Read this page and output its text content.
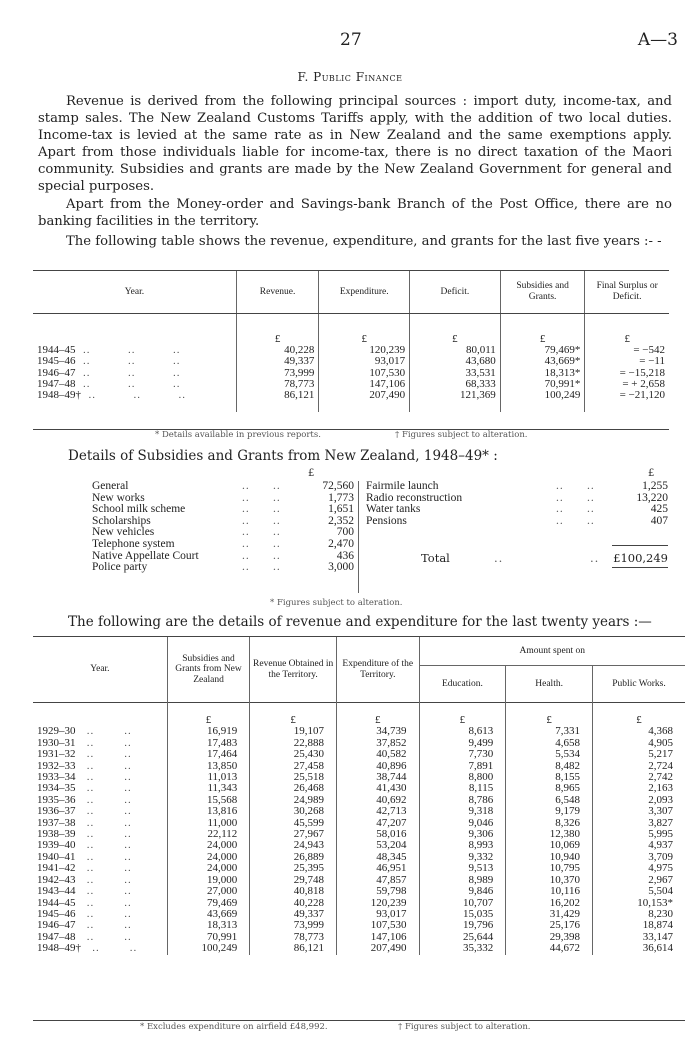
27	A—3
F. Public Finance

Revenue is derived from the following principal sources : import duty, income-tax, and stamp sales. The New Zealand Customs Tariffs apply, with the addition of two local duties. Income-tax is levied at the same rate as in New Zealand and the same exemptions apply. Apart from those individuals liable for income-tax, there is no direct taxation of the Maori community. Subsidies and grants are made by the New Zealand Government for general and special purposes.

Apart from the Money-order and Savings-bank Branch of the Post Office, there are no banking facilities in the territory.

The following table shows the revenue, expenditure, and grants for the last five years :- -

Year.	Revenue.	Expenditure.	Deficit.	Subsidies and Grants.	Final Surplus or Deficit.

	£	£	£	£	£
1944–45  ..          ..          ..	40,228	120,239	80,011	79,469*	= −542
1945–46  ..          ..          ..	49,337	93,017	43,680	43,669*	= −11
1946–47  ..          ..          ..	73,999	107,530	33,531	18,313*	= −15,218
1947–48  ..          ..          ..	78,773	147,106	68,333	70,991*	= + 2,658
1948–49†  ..          ..          ..	86,121	207,490	121,369	100,249	= −21,120

* Details available in previous reports.	† Figures subject to alteration.
Details of Subsidies and Grants from New Zealand, 1948–49* :
£	£
General	..      ..	72,560
New works	..      ..	1,773
School milk scheme	..      ..	1,651
Scholarships	..      ..	2,352
New vehicles	..      ..	700
Telephone system	..      ..	2,470
Native Appellate Court	..      ..	436
Police party	..      ..	3,000
Fairmile launch	..      ..	1,255
Radio reconstruction	..      ..	13,220
Water tanks	..      ..	425
Pensions	..      ..	407
Total	..	.. £100,249
* Figures subject to alteration.
The following are the details of revenue and expenditure for the last twenty years :—
Year.	Subsidies and Grants from New Zealand	Revenue Obtained in the Territory.	Expenditure of the Territory.	Amount spent on		
				Education.	Health.	Public Works.

	£	£	£	£	£	£
1929–30   ..        ..	16,919	19,107	34,739	8,613	7,331	4,368
1930–31   ..        ..	17,483	22,888	37,852	9,499	4,658	4,905
1931–32   ..        ..	17,464	25,430	40,582	7,730	5,534	5,217
1932–33   ..        ..	13,850	27,458	40,896	7,891	8,482	2,724
1933–34   ..        ..	11,013	25,518	38,744	8,800	8,155	2,742
1934–35   ..        ..	11,343	26,468	41,430	8,115	8,965	2,163
1935–36   ..        ..	15,568	24,989	40,692	8,786	6,548	2,093
1936–37   ..        ..	13,816	30,268	42,713	9,318	9,179	3,307
1937–38   ..        ..	11,000	45,599	47,207	9,046	8,326	3,827
1938–39   ..        ..	22,112	27,967	58,016	9,306	12,380	5,995
1939–40   ..        ..	24,000	24,943	53,204	8,993	10,069	4,937
1940–41   ..        ..	24,000	26,889	48,345	9,332	10,940	3,709
1941–42   ..        ..	24,000	25,395	46,951	9,513	10,795	4,975
1942–43   ..        ..	19,000	29,748	47,857	8,989	10,370	2,967
1943–44   ..        ..	27,000	40,818	59,798	9,846	10,116	5,504
1944–45   ..        ..	79,469	40,228	120,239	10,707	16,202	10,153*
1945–46   ..        ..	43,669	49,337	93,017	15,035	31,429	8,230
1946–47   ..        ..	18,313	73,999	107,530	19,796	25,176	18,874
1947–48   ..        ..	70,991	78,773	147,106	25,644	29,398	33,147
1948–49†   ..        ..	100,249	86,121	207,490	35,332	44,672	36,614
* Excludes expenditure on airfield £48,992.	† Figures subject to alteration.
